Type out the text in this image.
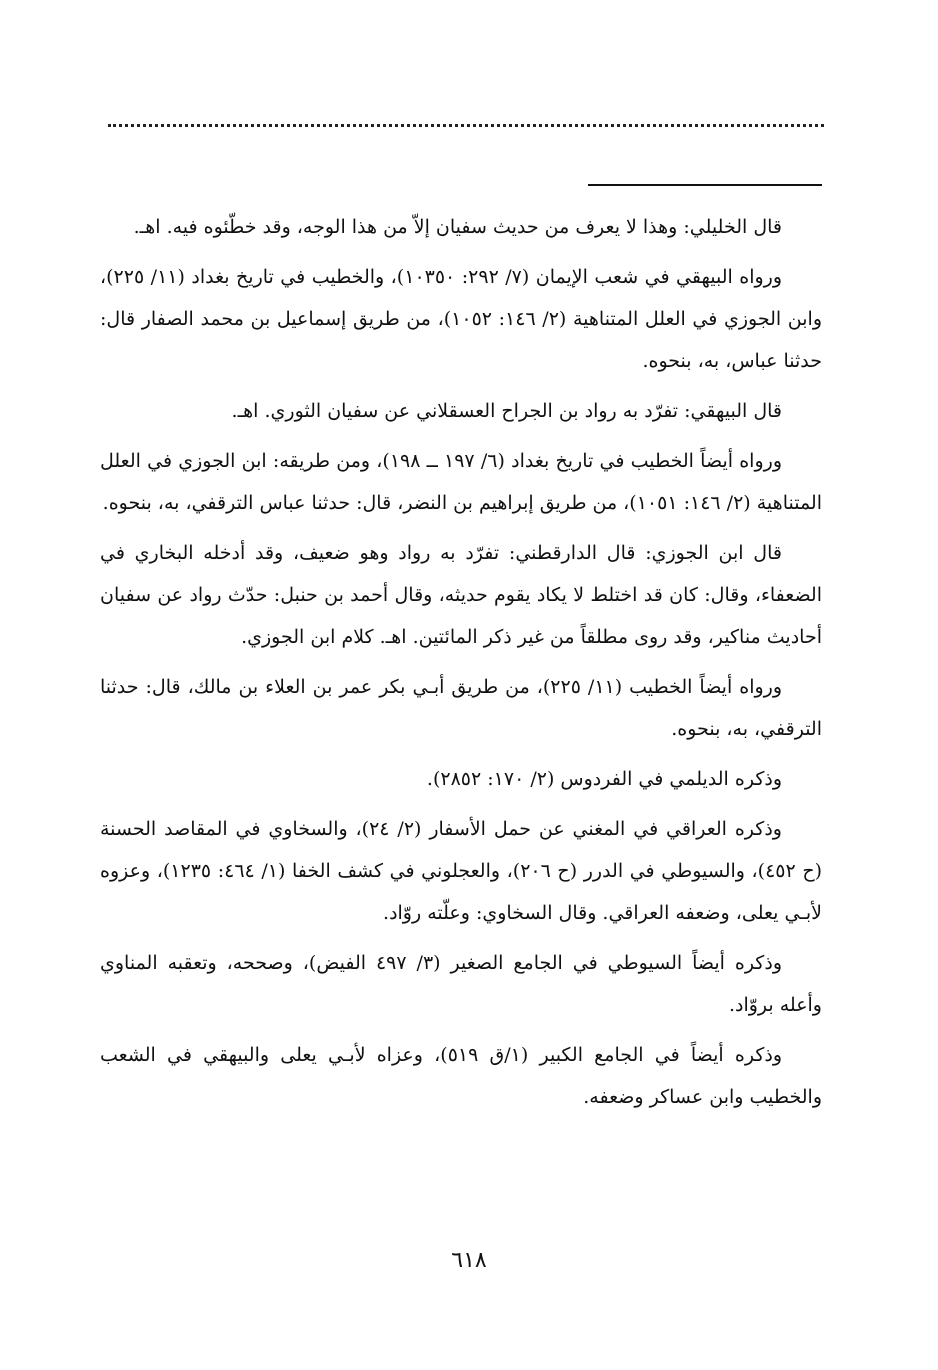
قال الخليلي: وهذا لا يعرف من حديث سفيان إلاّ من هذا الوجه، وقد خطّئوه فيه. اهـ.

ورواه البيهقي في شعب الإيمان (٧/ ٢٩٢: ١٠٣٥٠)، والخطيب في تاريخ بغداد (١١/ ٢٢٥)، وابن الجوزي في العلل المتناهية (٢/ ١٤٦: ١٠٥٢)، من طريق إسماعيل بن محمد الصفار قال: حدثنا عباس، به، بنحوه.

قال البيهقي: تفرّد به رواد بن الجراح العسقلاني عن سفيان الثوري. اهـ.

ورواه أيضاً الخطيب في تاريخ بغداد (٦/ ١٩٧ ــ ١٩٨)، ومن طريقه: ابن الجوزي في العلل المتناهية (٢/ ١٤٦: ١٠٥١)، من طريق إبراهيم بن النضر، قال: حدثنا عباس الترقفي، به، بنحوه.

قال ابن الجوزي: قال الدارقطني: تفرّد به رواد وهو ضعيف، وقد أدخله البخاري في الضعفاء، وقال: كان قد اختلط لا يكاد يقوم حديثه، وقال أحمد بن حنبل: حدّث رواد عن سفيان أحاديث مناكير، وقد روى مطلقاً من غير ذكر المائتين. اهـ. كلام ابن الجوزي.

ورواه أيضاً الخطيب (١١/ ٢٢٥)، من طريق أبـي بكر عمر بن العلاء بن مالك، قال: حدثنا الترقفي، به، بنحوه.

وذكره الديلمي في الفردوس (٢/ ١٧٠: ٢٨٥٢).

وذكره العراقي في المغني عن حمل الأسفار (٢/ ٢٤)، والسخاوي في المقاصد الحسنة (ح ٤٥٢)، والسيوطي في الدرر (ح ٢٠٦)، والعجلوني في كشف الخفا (١/ ٤٦٤: ١٢٣٥)، وعزوه لأبـي يعلى، وضعفه العراقي. وقال السخاوي: وعلّته روّاد.

وذكره أيضاً السيوطي في الجامع الصغير (٣/ ٤٩٧ الفيض)، وصححه، وتعقبه المناوي وأعله بروّاد.

وذكره أيضاً في الجامع الكبير (١/ق ٥١٩)، وعزاه لأبـي يعلى والبيهقي في الشعب والخطيب وابن عساكر وضعفه.

٦١٨
